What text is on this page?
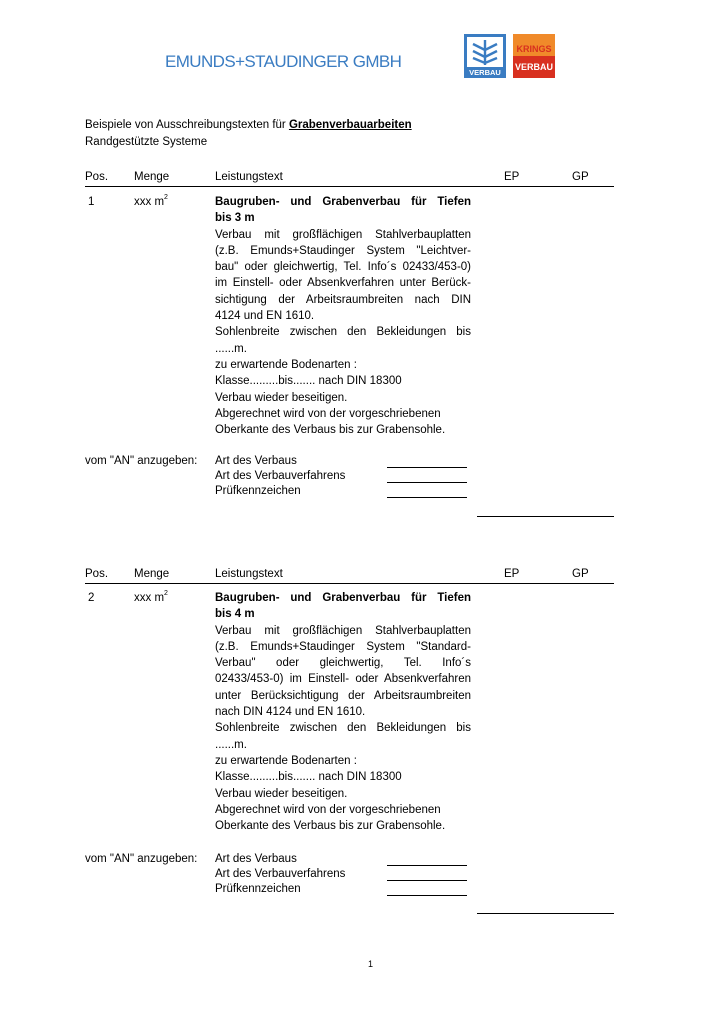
EMUNDS+STAUDINGER GMBH
VERBAU
KRINGS
VERBAU
Beispiele von Ausschreibungstexten für Grabenverbauarbeiten
Randgestützte Systeme
Pos. Menge	Leistungstext	EP	GP
1	xxx $m^2$	Baugruben- und Grabenverbau für Tiefen
bis 3 m
Verbau mit großflächigen Stahlverbauplatten
(z.B. Emunds+Staudinger System "Leichtver-
bau" oder gleichwertig, Tel. Info´s 02433/453-0)
im Einstell- oder Absenkverfahren unter Berück-
sichtigung der Arbeitsraumbreiten nach DIN
4124 und EN 1610.
Sohlenbreite zwischen den Bekleidungen bis
......m.
zu erwartende Bodenarten :
Klasse.........bis....... nach DIN 18300
Verbau wieder beseitigen.
Abgerechnet wird von der vorgeschriebenen
Oberkante des Verbaus bis zur Grabensohle.
vom "AN" anzugeben: Art des Verbaus
Art des Verbauverfahrens
Prüfkennzeichen
Pos. Menge	Leistungstext	EP	GP
2	xxx $m^2$	Baugruben- und Grabenverbau für Tiefen
bis 4 m
Verbau mit großflächigen Stahlverbauplatten
(z.B. Emunds+Staudinger System "Standard-
Verbau" oder gleichwertig, Tel. Info´s
02433/453-0) im Einstell- oder Absenkverfahren
unter Berücksichtigung der Arbeitsraumbreiten
nach DIN 4124 und EN 1610.
Sohlenbreite zwischen den Bekleidungen bis
......m.
zu erwartende Bodenarten :
Klasse.........bis....... nach DIN 18300
Verbau wieder beseitigen.
Abgerechnet wird von der vorgeschriebenen
Oberkante des Verbaus bis zur Grabensohle.
vom "AN" anzugeben: Art des Verbaus
Art des Verbauverfahrens
Prüfkennzeichen
1
